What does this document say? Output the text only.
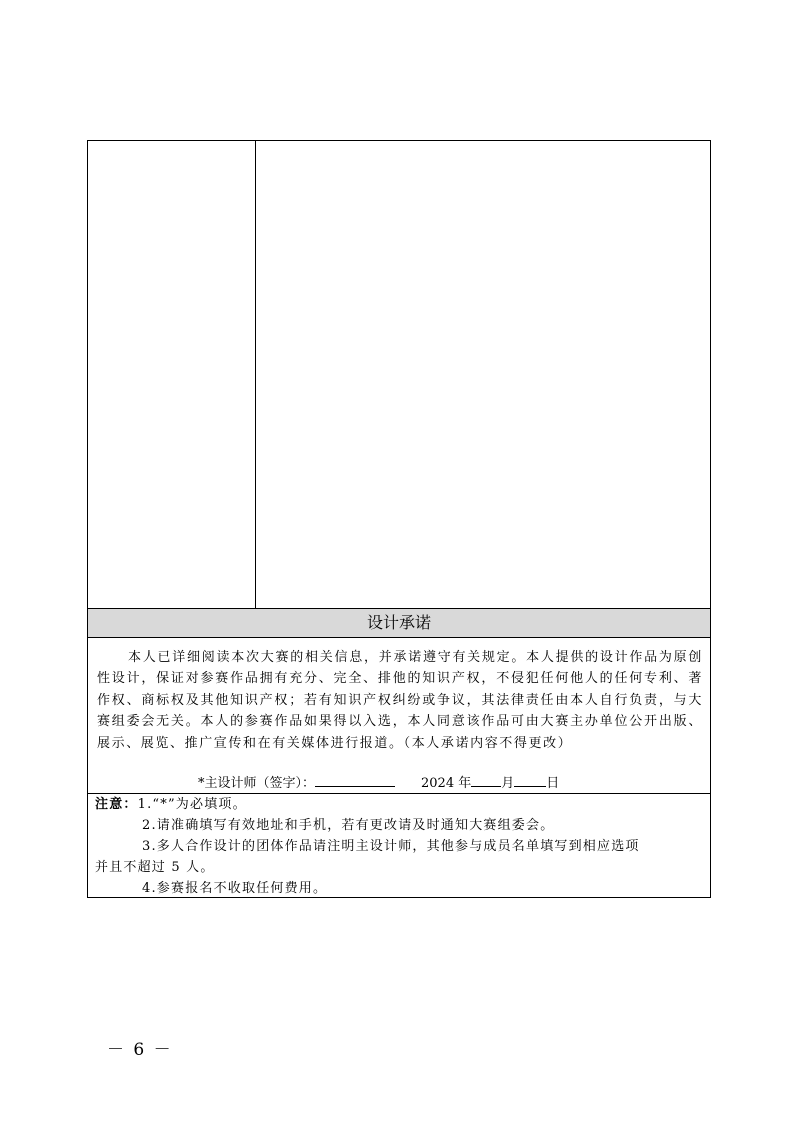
设计承诺

本人已详细阅读本次大赛的相关信息，并承诺遵守有关规定。本人提供的设计作品为原创性设计，保证对参赛作品拥有充分、完全、排他的知识产权，不侵犯任何他人的任何专利、著作权、商标权及其他知识产权；若有知识产权纠纷或争议，其法律责任由本人自行负责，与大赛组委会无关。本人的参赛作品如果得以入选，本人同意该作品可由大赛主办单位公开出版、展示、展览、推广宣传和在有关媒体进行报道。（本人承诺内容不得更改）

*主设计师（签字）：	2024 年 月 日
注意：1.“*”为必填项。
2.请准确填写有效地址和手机，若有更改请及时通知大赛组委会。
3.多人合作设计的团体作品请注明主设计师，其他参与成员名单填写到相应选项
并且不超过 5 人。
4.参赛报名不收取任何费用。
－ 6 －
